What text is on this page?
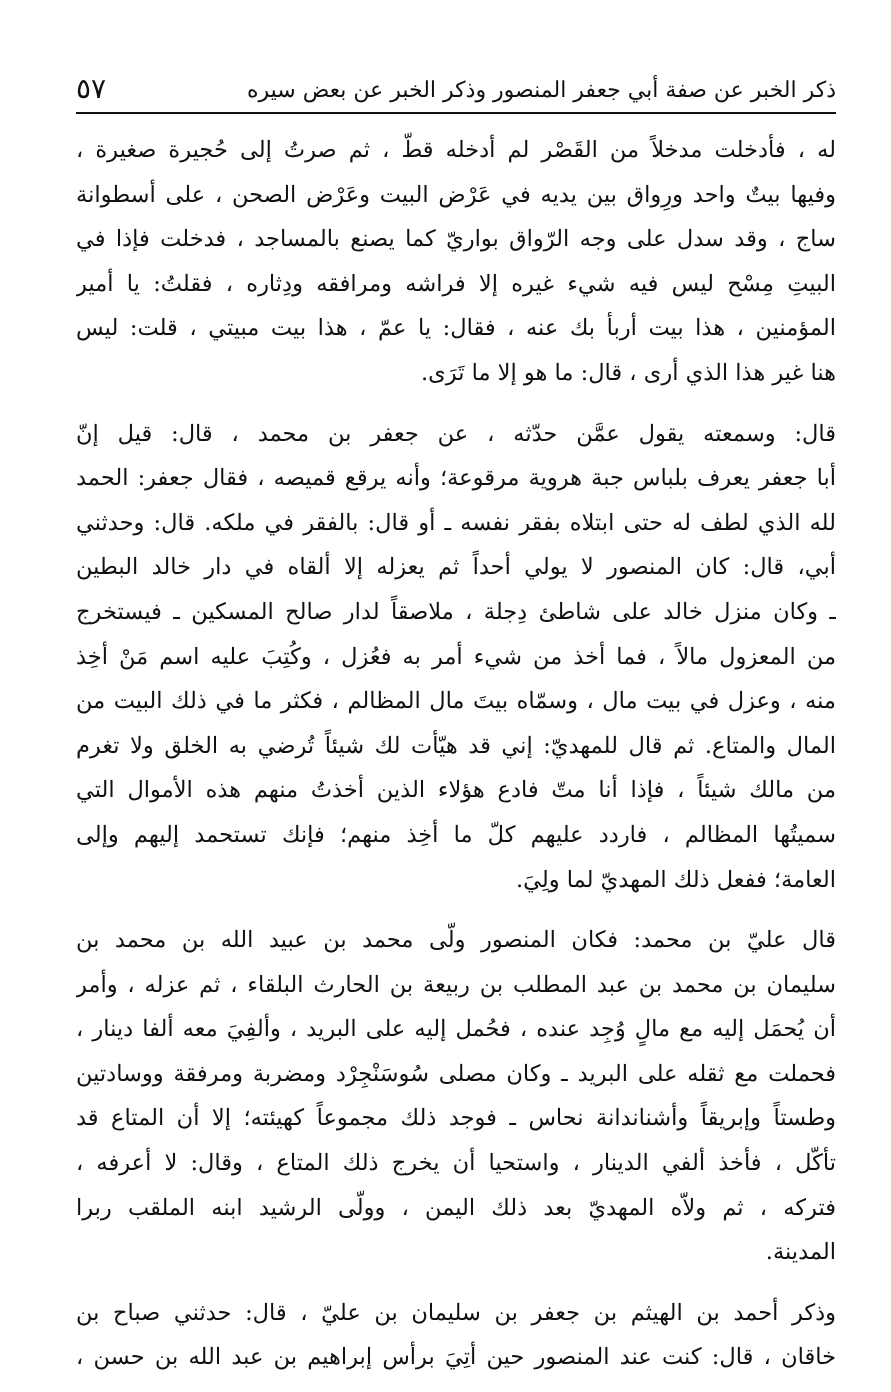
ذكر الخبر عن صفة أبي جعفر المنصور وذكر الخبر عن بعض سيره
٥٧

له ، فأدخلت مدخلاً من القَصْر لم أدخله قطّ ، ثم صرتُ إلى حُجيرة صغيرة ،
وفيها بيتٌ واحد ورِواق بين يديه في عَرْض البيت وعَرْض الصحن ، على أسطوانة
ساج ، وقد سدل على وجه الرّواق بواريّ كما يصنع بالمساجد ، فدخلت فإذا في
البيتِ مِسْح ليس فيه شيء غيره إلا فراشه ومرافقه ودِثاره ، فقلتُ: يا أمير
المؤمنين ، هذا بيت أربأ بك عنه ، فقال: يا عمّ ، هذا بيت مبيتي ، قلت: ليس
هنا غير هذا الذي أرى ، قال: ما هو إلا ما تَرَى.

قال: وسمعته يقول عمَّن حدّثه ، عن جعفر بن محمد ، قال: قيل إنّ
أبا جعفر يعرف بلباس جبة هروية مرقوعة؛ وأنه يرقع قميصه ، فقال جعفر: الحمد
لله الذي لطف له حتى ابتلاه بفقر نفسه ـ أو قال: بالفقر في ملكه. قال: وحدثني
أبي، قال: كان المنصور لا يولي أحداً ثم يعزله إلا ألقاه في دار خالد البطين
ـ وكان منزل خالد على شاطئ دِجلة ، ملاصقاً لدار صالح المسكين ـ فيستخرج
من المعزول مالاً ، فما أخذ من شيء أمر به فعُزل ، وكُتِبَ عليه اسم مَنْ أخِذ
منه ، وعزل في بيت مال ، وسمّاه بيتَ مال المظالم ، فكثر ما في ذلك البيت من
المال والمتاع. ثم قال للمهديّ: إني قد هيّأت لك شيئاً تُرضي به الخلق ولا تغرم
من مالك شيئاً ، فإذا أنا متّ فادع هؤلاء الذين أخذتُ منهم هذه الأموال التي
سميتُها المظالم ، فاردد عليهم كلّ ما أخِذ منهم؛ فإنك تستحمد إليهم وإلى
العامة؛ ففعل ذلك المهديّ لما ولِيَ.

قال عليّ بن محمد: فكان المنصور ولّى محمد بن عبيد الله بن محمد بن
سليمان بن محمد بن عبد المطلب بن ربيعة بن الحارث البلقاء ، ثم عزله ، وأمر
أن يُحمَل إليه مع مالٍ وُجِد عنده ، فحُمل إليه على البريد ، وألفِيَ معه ألفا دينار ،
فحملت مع ثقله على البريد ـ وكان مصلى سُوسَنْجِرْد ومضربة ومرفقة ووسادتين
وطستاً وإبريقاً وأشناندانة نحاس ـ فوجد ذلك مجموعاً كهيئته؛ إلا أن المتاع قد
تأكّل ، فأخذ ألفي الدينار ، واستحيا أن يخرج ذلك المتاع ، وقال: لا أعرفه ،
فتركه ، ثم ولاّه المهديّ بعد ذلك اليمن ، وولّى الرشيد ابنه الملقب ربرا
المدينة.

وذكر أحمد بن الهيثم بن جعفر بن سليمان بن عليّ ، قال: حدثني صباح بن
خاقان ، قال: كنت عند المنصور حين أتِيَ برأس إبراهيم بن عبد الله بن حسن ،
